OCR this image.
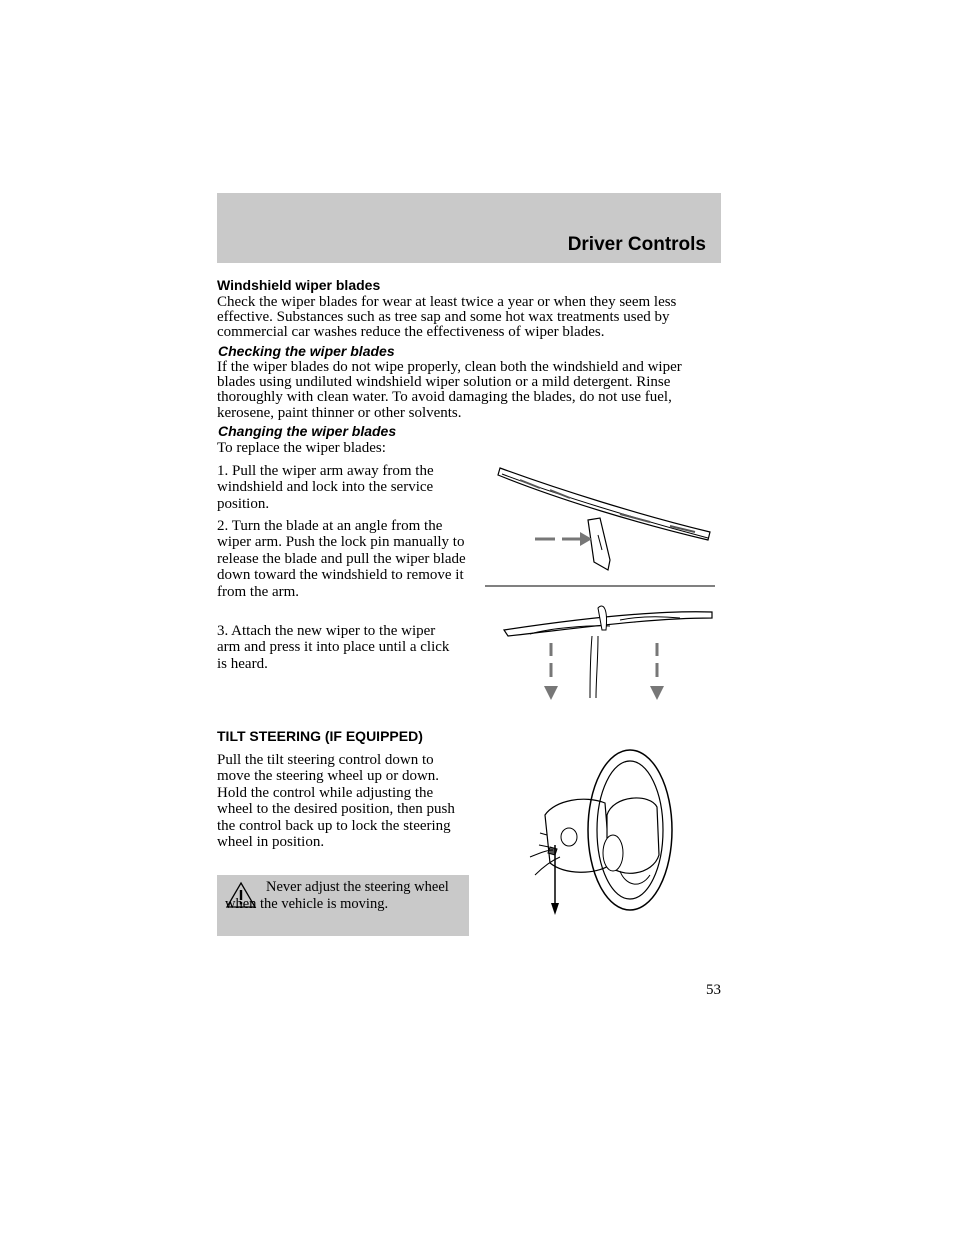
Driver Controls

Windshield wiper blades

Check the wiper blades for wear at least twice a year or when they seem less effective. Substances such as tree sap and some hot wax treatments used by commercial car washes reduce the effectiveness of wiper blades.

Checking the wiper blades

If the wiper blades do not wipe properly, clean both the windshield and wiper blades using undiluted windshield wiper solution or a mild detergent. Rinse thoroughly with clean water. To avoid damaging the blades, do not use fuel, kerosene, paint thinner or other solvents.

Changing the wiper blades

To replace the wiper blades:

1. Pull the wiper arm away from the windshield and lock into the service position.

2. Turn the blade at an angle from the wiper arm. Push the lock pin manually to release the blade and pull the wiper blade down toward the windshield to remove it from the arm.

3. Attach the new wiper to the wiper arm and press it into place until a click is heard.

TILT STEERING (IF EQUIPPED)

Pull the tilt steering control down to move the steering wheel up or down. Hold the control while adjusting the wheel to the desired position, then push the control back up to lock the steering wheel in position.

Never adjust the steering wheel when the vehicle is moving.

53
